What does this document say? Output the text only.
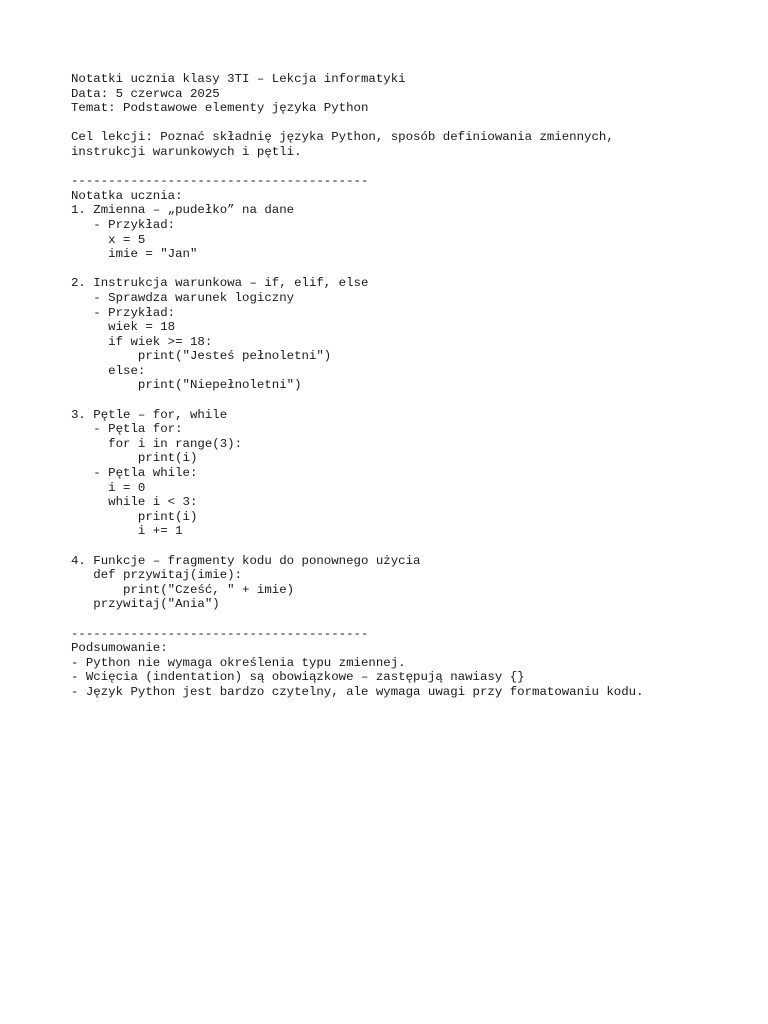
Notatki ucznia klasy 3TI – Lekcja informatyki
Data: 5 czerwca 2025
Temat: Podstawowe elementy języka Python
Cel lekcji: Poznać składnię języka Python, sposób definiowania zmiennych,
instrukcji warunkowych i pętli.
----------------------------------------
Notatka ucznia:
1. Zmienna – „pudełko” na dane
- Przykład:
x = 5
imie = "Jan"
2. Instrukcja warunkowa – if, elif, else
- Sprawdza warunek logiczny
- Przykład:
wiek = 18
if wiek >= 18:
print("Jesteś pełnoletni")
else:
print("Niepełnoletni")
3. Pętle – for, while
- Pętla for:
for i in range(3):
print(i)
- Pętla while:
i = 0
while i < 3:
print(i)
i += 1
4. Funkcje – fragmenty kodu do ponownego użycia
def przywitaj(imie):
print("Cześć, " + imie)
przywitaj("Ania")
----------------------------------------
Podsumowanie:
- Python nie wymaga określenia typu zmiennej.
- Wcięcia (indentation) są obowiązkowe – zastępują nawiasy {}
- Język Python jest bardzo czytelny, ale wymaga uwagi przy formatowaniu kodu.
